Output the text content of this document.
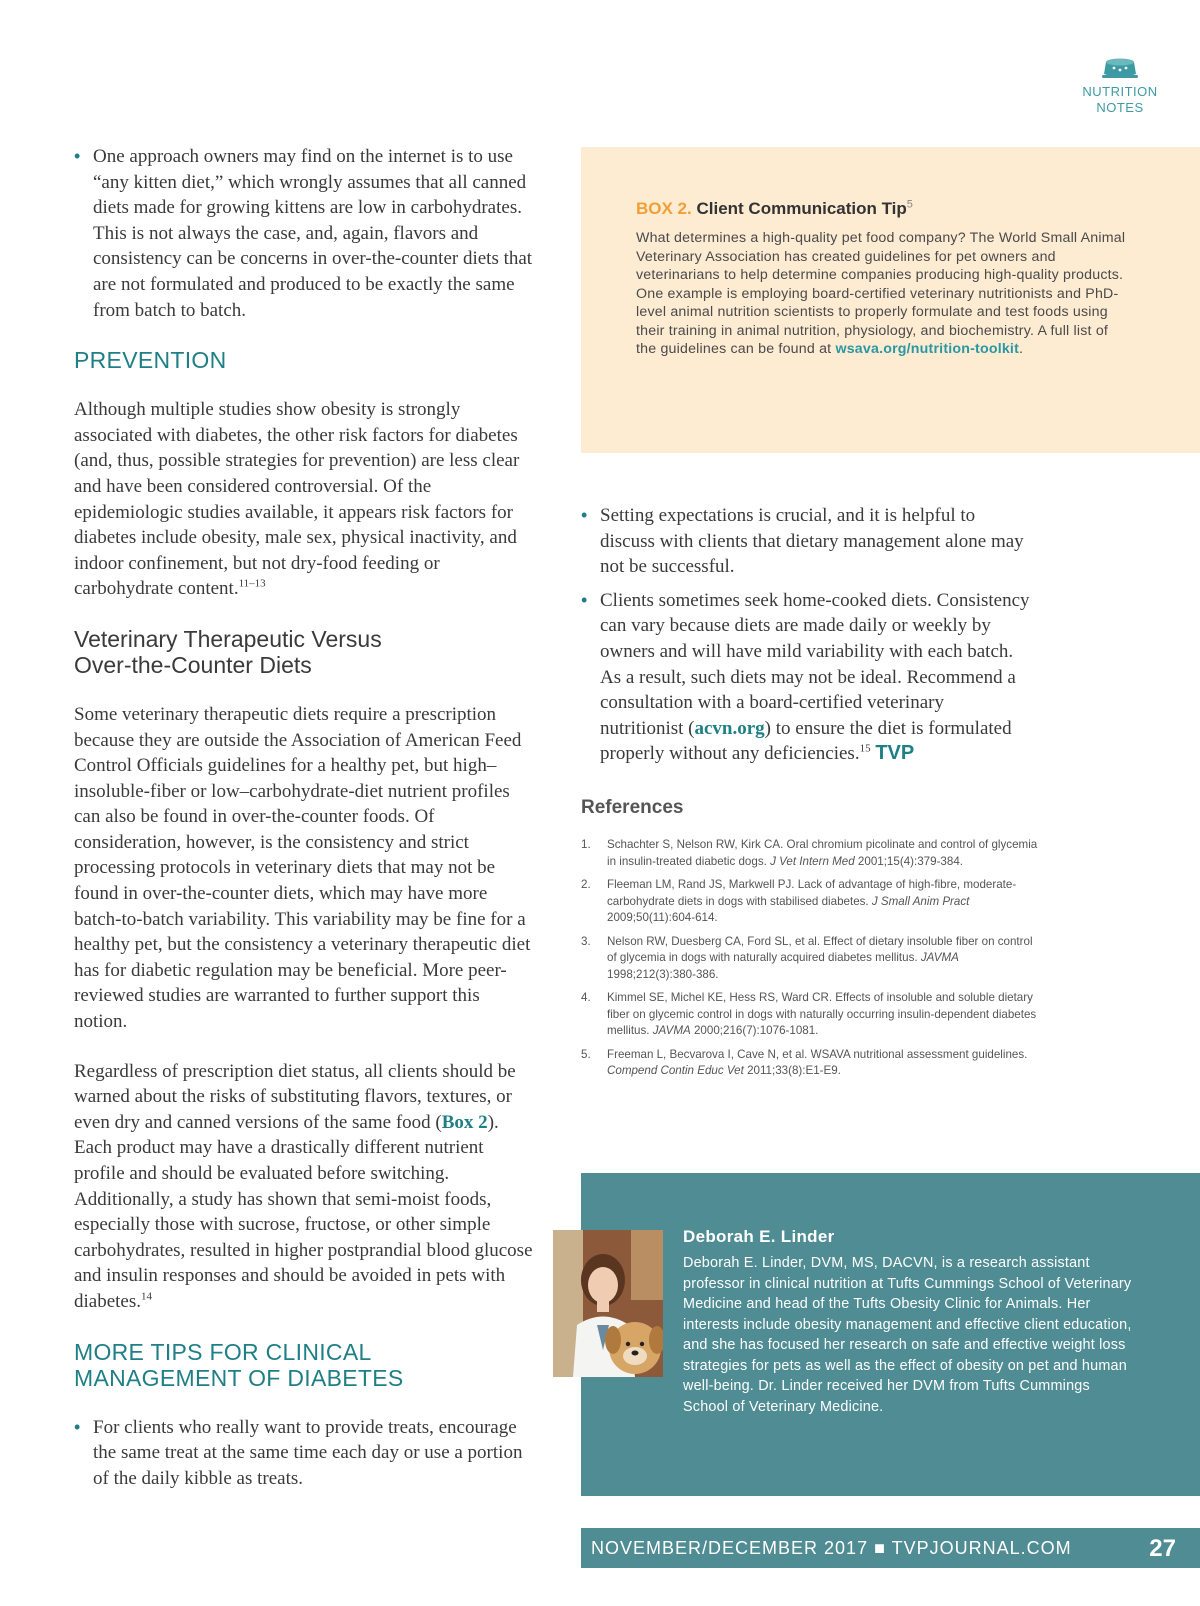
NUTRITION
NOTES

• One approach owners may find on the internet is to use “any kitten diet,” which wrongly assumes that all canned diets made for growing kittens are low in carbohydrates. This is not always the case, and, again, flavors and consistency can be concerns in over-the-counter diets that are not formulated and produced to be exactly the same from batch to batch.

PREVENTION

Although multiple studies show obesity is strongly associated with diabetes, the other risk factors for diabetes (and, thus, possible strategies for prevention) are less clear and have been considered controversial. Of the epidemiologic studies available, it appears risk factors for diabetes include obesity, male sex, physical inactivity, and indoor confinement, but not dry-food feeding or carbohydrate content.$^{11-13}$

Veterinary Therapeutic Versus
Over-the-Counter Diets

Some veterinary therapeutic diets require a prescription because they are outside the Association of American Feed Control Officials guidelines for a healthy pet, but high–insoluble-fiber or low–carbohydrate-diet nutrient profiles can also be found in over-the-counter foods. Of consideration, however, is the consistency and strict processing protocols in veterinary diets that may not be found in over-the-counter diets, which may have more batch-to-batch variability. This variability may be fine for a healthy pet, but the consistency a veterinary therapeutic diet has for diabetic regulation may be beneficial. More peer-reviewed studies are warranted to further support this notion.

Regardless of prescription diet status, all clients should be warned about the risks of substituting flavors, textures, or even dry and canned versions of the same food (Box 2). Each product may have a drastically different nutrient profile and should be evaluated before switching. Additionally, a study has shown that semi-moist foods, especially those with sucrose, fructose, or other simple carbohydrates, resulted in higher postprandial blood glucose and insulin responses and should be avoided in pets with diabetes.$^{14}$

MORE TIPS FOR CLINICAL
MANAGEMENT OF DIABETES

• For clients who really want to provide treats, encourage the same treat at the same time each day or use a portion of the daily kibble as treats.

BOX 2. Client Communication Tip$^5$

What determines a high-quality pet food company? The World Small Animal Veterinary Association has created guidelines for pet owners and veterinarians to help determine companies producing high-quality products. One example is employing board-certified veterinary nutritionists and PhD-level animal nutrition scientists to properly formulate and test foods using their training in animal nutrition, physiology, and biochemistry. A full list of the guidelines can be found at wsava.org/nutrition-toolkit.

• Setting expectations is crucial, and it is helpful to discuss with clients that dietary management alone may not be successful.

• Clients sometimes seek home-cooked diets. Consistency can vary because diets are made daily or weekly by owners and will have mild variability with each batch. As a result, such diets may not be ideal. Recommend a consultation with a board-certified veterinary nutritionist (acvn.org) to ensure the diet is formulated properly without any deficiencies.$^{15}$ TVP

References
1. Schachter S, Nelson RW, Kirk CA. Oral chromium picolinate and control of glycemia in insulin-treated diabetic dogs. J Vet Intern Med 2001;15(4):379-384.
2. Fleeman LM, Rand JS, Markwell PJ. Lack of advantage of high-fibre, moderate-carbohydrate diets in dogs with stabilised diabetes. J Small Anim Pract 2009;50(11):604-614.
3. Nelson RW, Duesberg CA, Ford SL, et al. Effect of dietary insoluble fiber on control of glycemia in dogs with naturally acquired diabetes mellitus. JAVMA 1998;212(3):380-386.
4. Kimmel SE, Michel KE, Hess RS, Ward CR. Effects of insoluble and soluble dietary fiber on glycemic control in dogs with naturally occurring insulin-dependent diabetes mellitus. JAVMA 2000;216(7):1076-1081.
5. Freeman L, Becvarova I, Cave N, et al. WSAVA nutritional assessment guidelines. Compend Contin Educ Vet 2011;33(8):E1-E9.
Deborah E. Linder

Deborah E. Linder, DVM, MS, DACVN, is a research assistant professor in clinical nutrition at Tufts Cummings School of Veterinary Medicine and head of the Tufts Obesity Clinic for Animals. Her interests include obesity management and effective client education, and she has focused her research on safe and effective weight loss strategies for pets as well as the effect of obesity on pet and human well-being. Dr. Linder received her DVM from Tufts Cummings School of Veterinary Medicine.

NOVEMBER/DECEMBER 2017 ■ TVPJOURNAL.COM	27
